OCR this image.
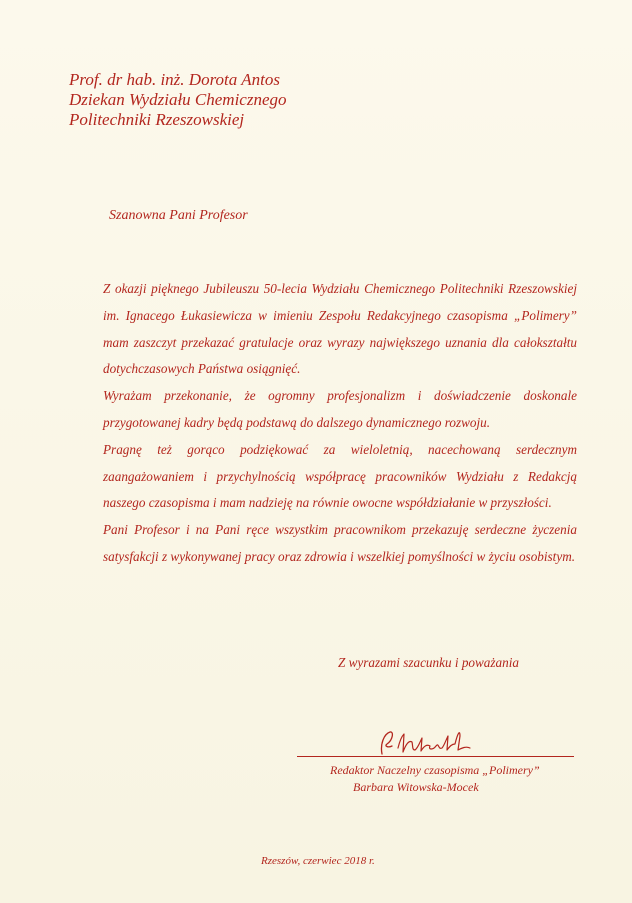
Prof. dr hab. inż. Dorota Antos
Dziekan Wydziału Chemicznego
Politechniki Rzeszowskiej
Szanowna Pani Profesor

Z okazji pięknego Jubileuszu 50-lecia Wydziału Chemicznego Politechniki Rzeszowskiej im. Ignacego Łukasiewicza w imieniu Zespołu Redakcyjnego czasopisma „Polimery” mam zaszczyt przekazać gratulacje oraz wyrazy największego uznania dla całokształtu dotychczasowych Państwa osiągnięć.

Wyrażam przekonanie, że ogromny profesjonalizm i doświadczenie doskonale przygotowanej kadry będą podstawą do dalszego dynamicznego rozwoju.

Pragnę też gorąco podziękować za wieloletnią, nacechowaną serdecznym zaangażowaniem i przychylnością współpracę pracowników Wydziału z Redakcją naszego czasopisma i mam nadzieję na równie owocne współdziałanie w przyszłości.

Pani Profesor i na Pani ręce wszystkim pracownikom przekazuję serdeczne życzenia satysfakcji z wykonywanej pracy oraz zdrowia i wszelkiej pomyślności w życiu osobistym.

Z wyrazami szacunku i poważania
Redaktor Naczelny czasopisma „Polimery”
Barbara Witowska-Mocek
Rzeszów, czerwiec 2018 r.
